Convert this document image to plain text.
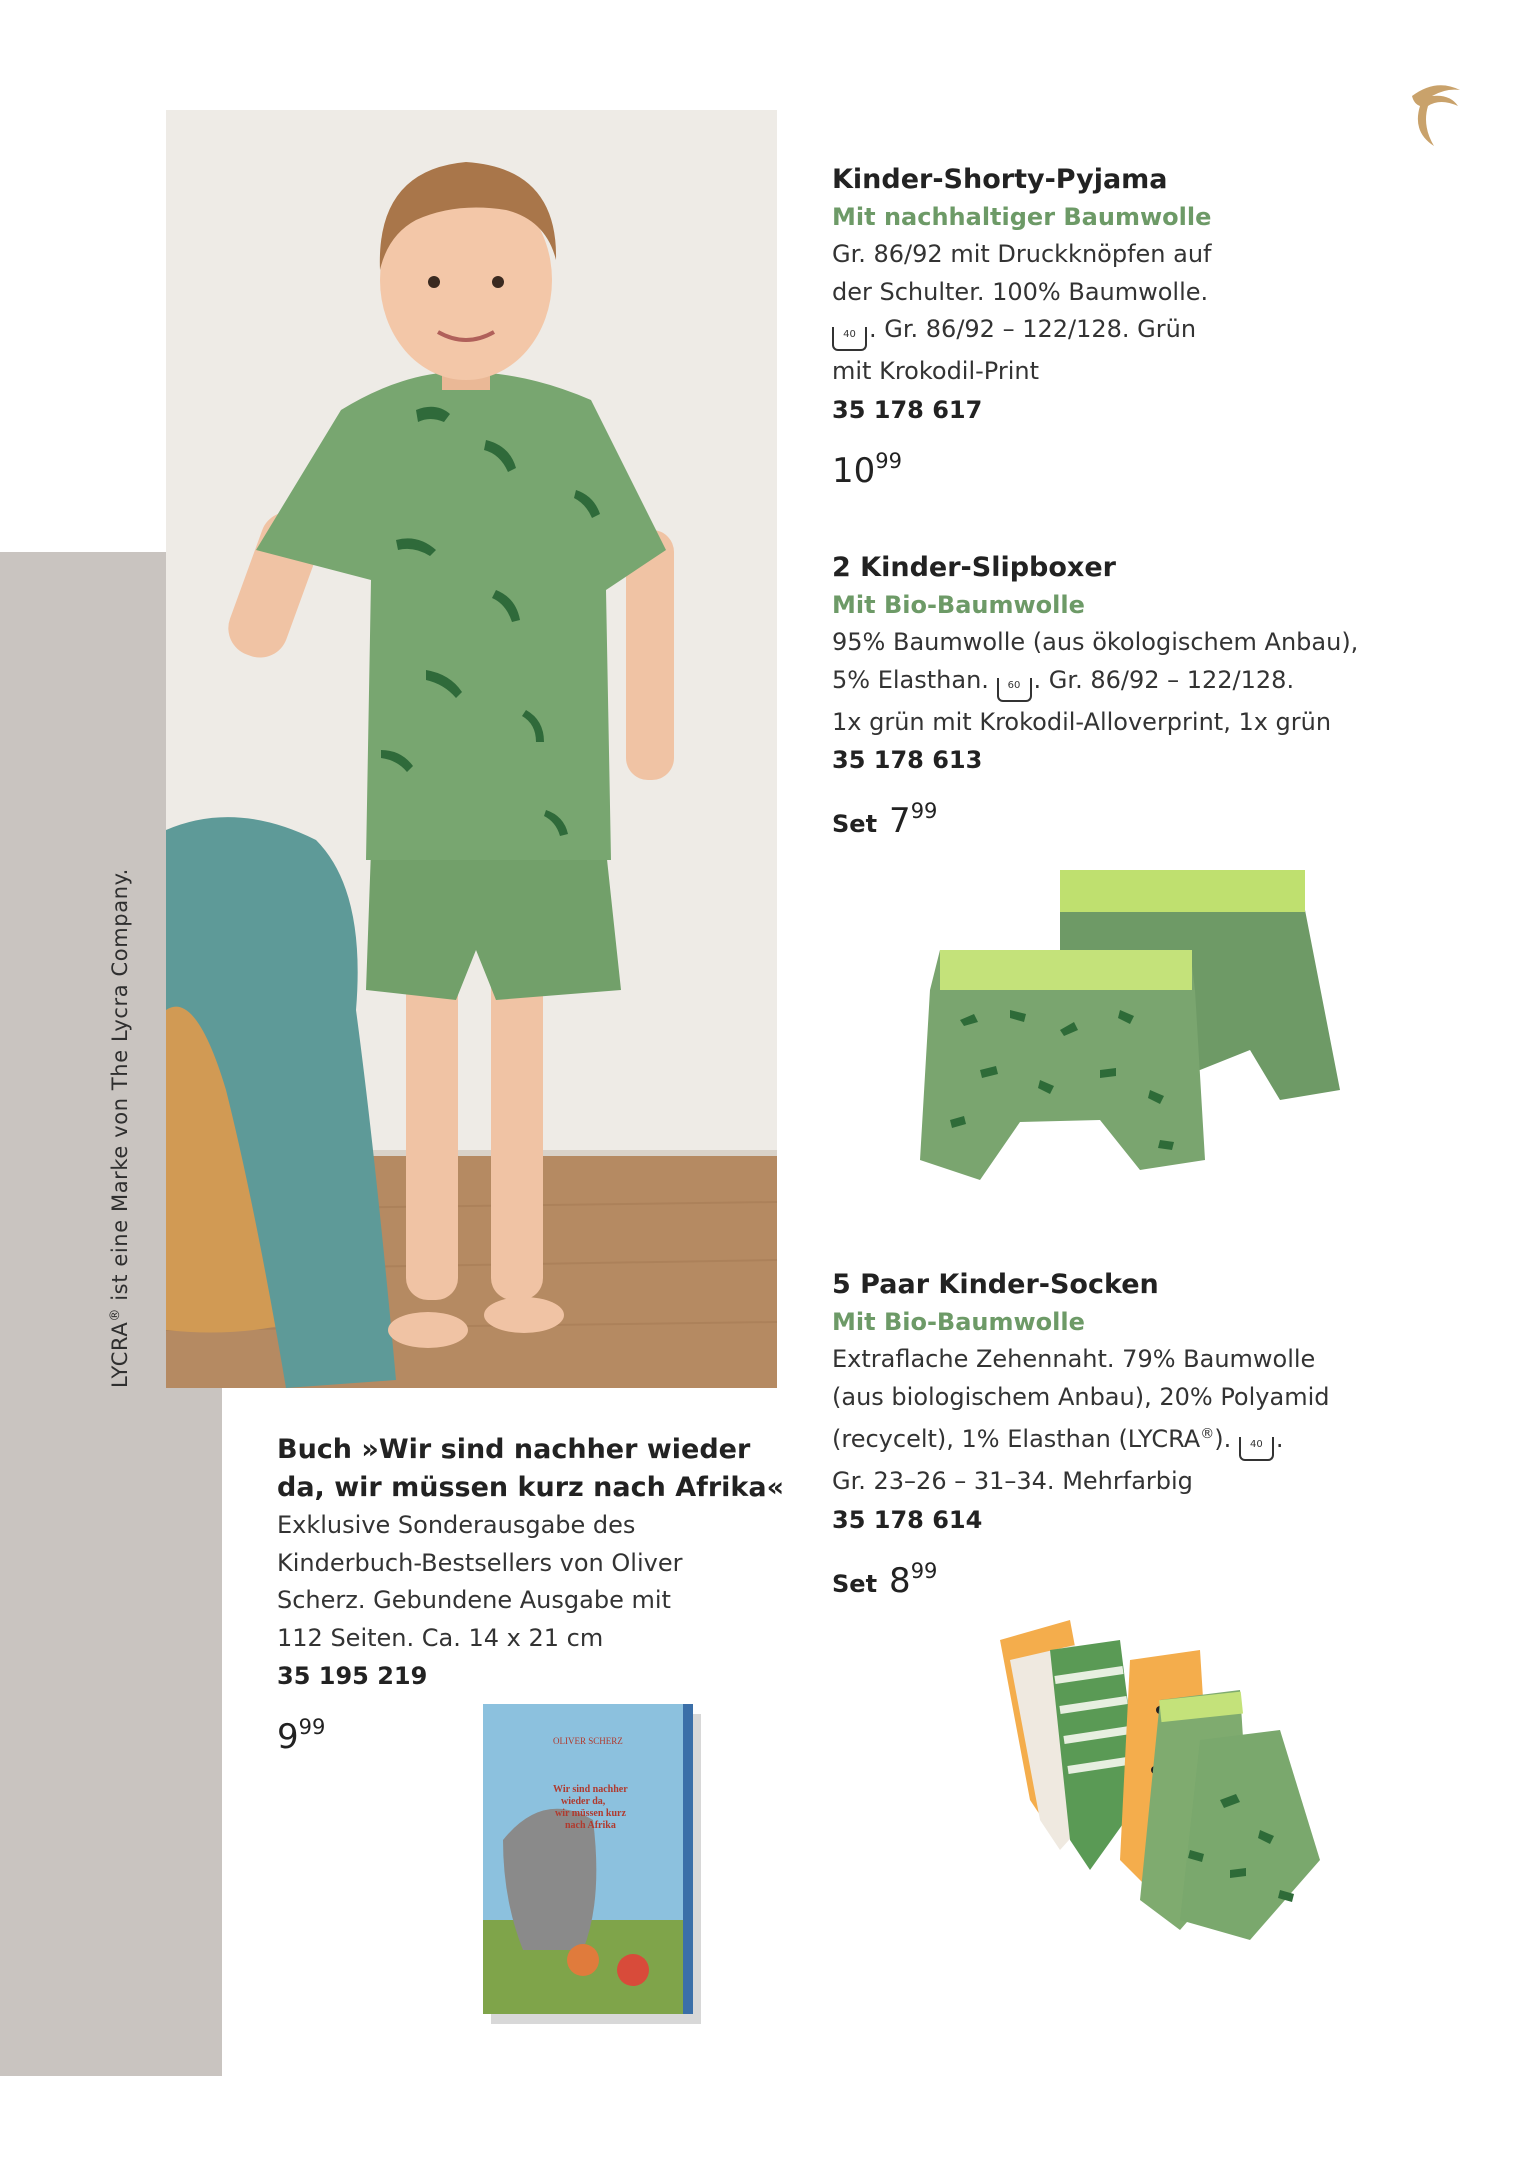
LYCRA® ist eine Marke von The Lycra Company.
Kinder-Shorty-Pyjama
Mit nachhaltiger Baumwolle
Gr. 86/92 mit Druckknöpfen auf
der Schulter. 100% Baumwolle.
40 . Gr. 86/92 – 122/128. Grün
mit Krokodil-Print
35 178 617
$10^{99}$
2 Kinder-Slipboxer
Mit Bio-Baumwolle
95% Baumwolle (aus ökologischem Anbau),
5% Elasthan. 60 . Gr. 86/92 – 122/128.
1x grün mit Krokodil-Alloverprint, 1x grün
35 178 613
Set $7^{99}$
5 Paar Kinder-Socken
Mit Bio-Baumwolle
Extraflache Zehennaht. 79% Baumwolle
(aus biologischem Anbau), 20% Polyamid
(recycelt), 1% Elasthan (LYCRA®). 40 .
Gr. 23–26 – 31–34. Mehrfarbig
35 178 614
Set $8^{99}$
Buch »Wir sind nachher wieder
da, wir müssen kurz nach Afrika«
Exklusive Sonderausgabe des
Kinderbuch-Bestsellers von Oliver
Scherz. Gebundene Ausgabe mit
112 Seiten. Ca. 14 x 21 cm
35 195 219
$9^{99}$
OLIVER SCHERZ
Wir sind nachher
wieder da,
wir müssen kurz
nach Afrika
